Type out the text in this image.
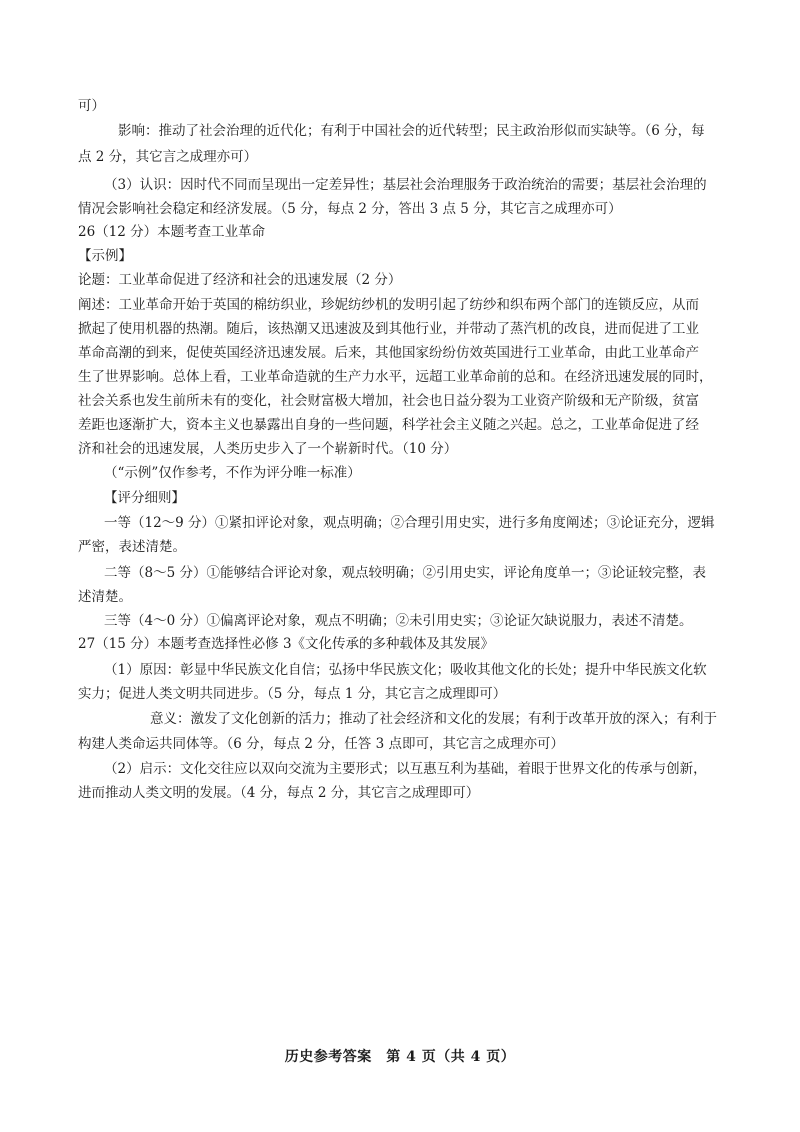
可）
影响：推动了社会治理的近代化；有利于中国社会的近代转型；民主政治形似而实缺等。（6 分，每
点 2 分，其它言之成理亦可）
（3）认识：因时代不同而呈现出一定差异性；基层社会治理服务于政治统治的需要；基层社会治理的
情况会影响社会稳定和经济发展。（5 分，每点 2 分，答出 3 点 5 分，其它言之成理亦可）
26（12 分）本题考查工业革命
【示例】
论题：工业革命促进了经济和社会的迅速发展（2 分）
阐述：工业革命开始于英国的棉纺织业，珍妮纺纱机的发明引起了纺纱和织布两个部门的连锁反应，从而
掀起了使用机器的热潮。随后，该热潮又迅速波及到其他行业，并带动了蒸汽机的改良，进而促进了工业
革命高潮的到来，促使英国经济迅速发展。后来，其他国家纷纷仿效英国进行工业革命，由此工业革命产
生了世界影响。总体上看，工业革命造就的生产力水平，远超工业革命前的总和。在经济迅速发展的同时，
社会关系也发生前所未有的变化，社会财富极大增加，社会也日益分裂为工业资产阶级和无产阶级，贫富
差距也逐渐扩大，资本主义也暴露出自身的一些问题，科学社会主义随之兴起。总之，工业革命促进了经
济和社会的迅速发展，人类历史步入了一个崭新时代。（10 分）
（“示例”仅作参考，不作为评分唯一标准）
【评分细则】
一等（12～9 分）①紧扣评论对象，观点明确；②合理引用史实，进行多角度阐述；③论证充分，逻辑
严密，表述清楚。
二等（8～5 分）①能够结合评论对象，观点较明确；②引用史实，评论角度单一；③论证较完整，表
述清楚。
三等（4～0 分）①偏离评论对象，观点不明确；②未引用史实；③论证欠缺说服力，表述不清楚。
27（15 分）本题考查选择性必修 3《文化传承的多种载体及其发展》
（1）原因：彰显中华民族文化自信；弘扬中华民族文化；吸收其他文化的长处；提升中华民族文化软
实力；促进人类文明共同进步。（5 分，每点 1 分，其它言之成理即可）
意义：激发了文化创新的活力；推动了社会经济和文化的发展；有利于改革开放的深入；有利于
构建人类命运共同体等。（6 分，每点 2 分，任答 3 点即可，其它言之成理亦可）
（2）启示：文化交往应以双向交流为主要形式；以互惠互利为基础，着眼于世界文化的传承与创新，
进而推动人类文明的发展。（4 分，每点 2 分，其它言之成理即可）
历史参考答案　第 4 页（共 4 页）
